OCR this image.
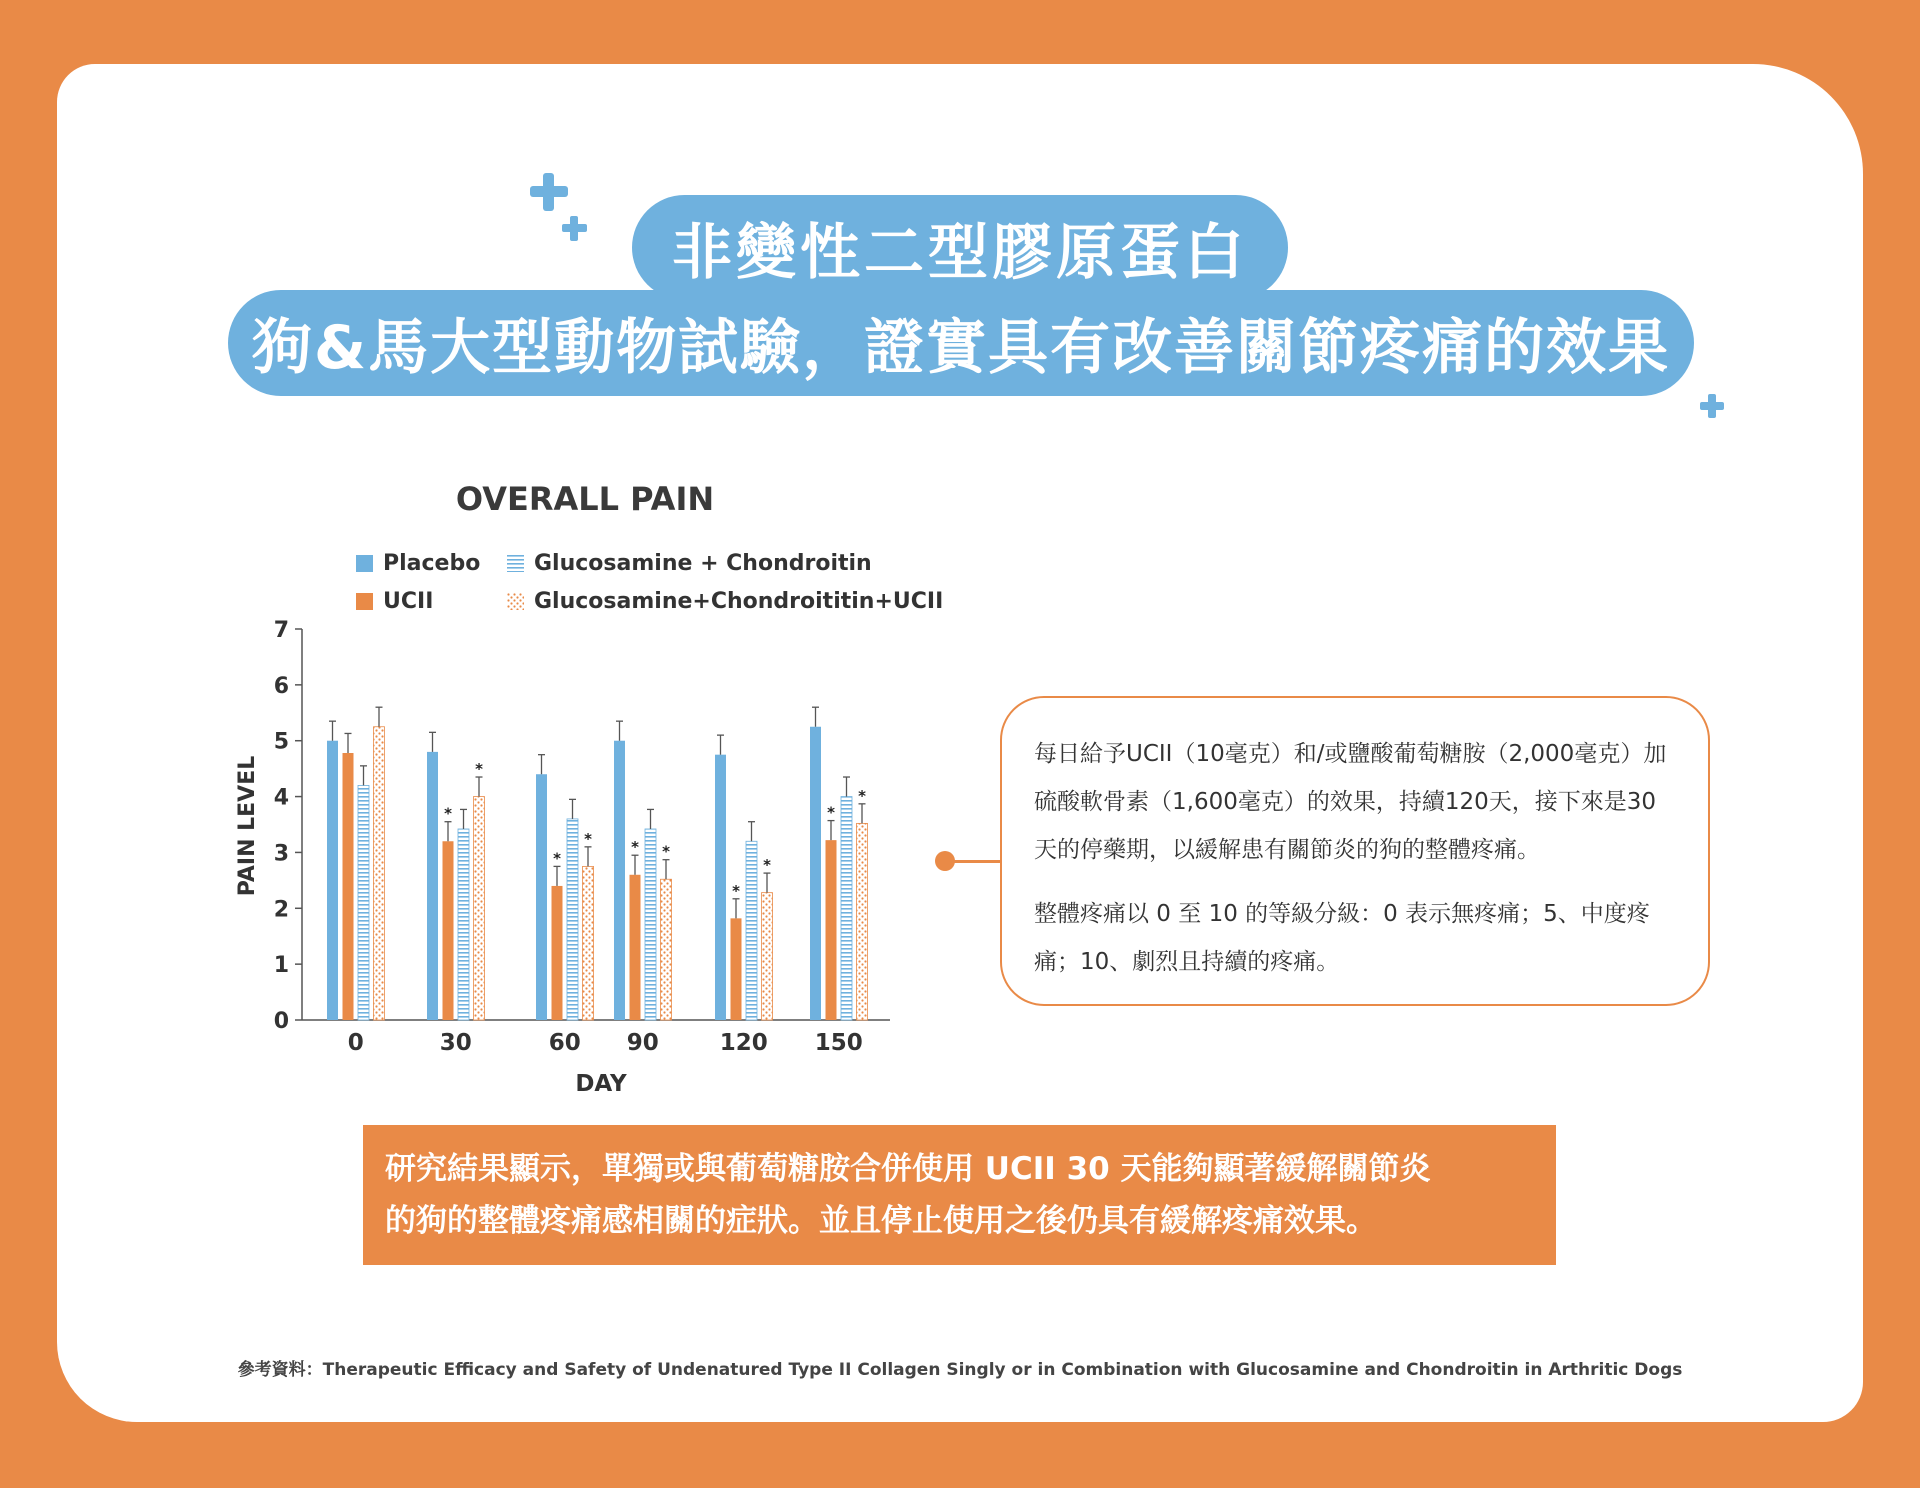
非變性二型膠原蛋白
狗&馬大型動物試驗，證實具有改善關節疼痛的效果
OVERALL PAIN
Placebo
UCII
Glucosamine + Chondroitin
Glucosamine+Chondroititin+UCII
0
1
2
3
4
5
6
7
PAIN LEVEL
DAY
0
*
*
30
*
*
60
* *
90
*
*
120
*
*
150

每日給予UCII（10毫克）和/或鹽酸葡萄糖胺（2,000毫克）加硫酸軟骨素（1,600毫克）的效果，持續120天，接下來是30天的停藥期，以緩解患有關節炎的狗的整體疼痛。

整體疼痛以 0 至 10 的等級分級：0 表示無疼痛；5、中度疼痛；10、劇烈且持續的疼痛。

研究結果顯示，單獨或與葡萄糖胺合併使用 UCII 30 天能夠顯著緩解關節炎

的狗的整體疼痛感相關的症狀。並且停止使用之後仍具有緩解疼痛效果。

參考資料：Therapeutic Efficacy and Safety of Undenatured Type II Collagen Singly or in Combination with Glucosamine and Chondroitin in Arthritic Dogs
